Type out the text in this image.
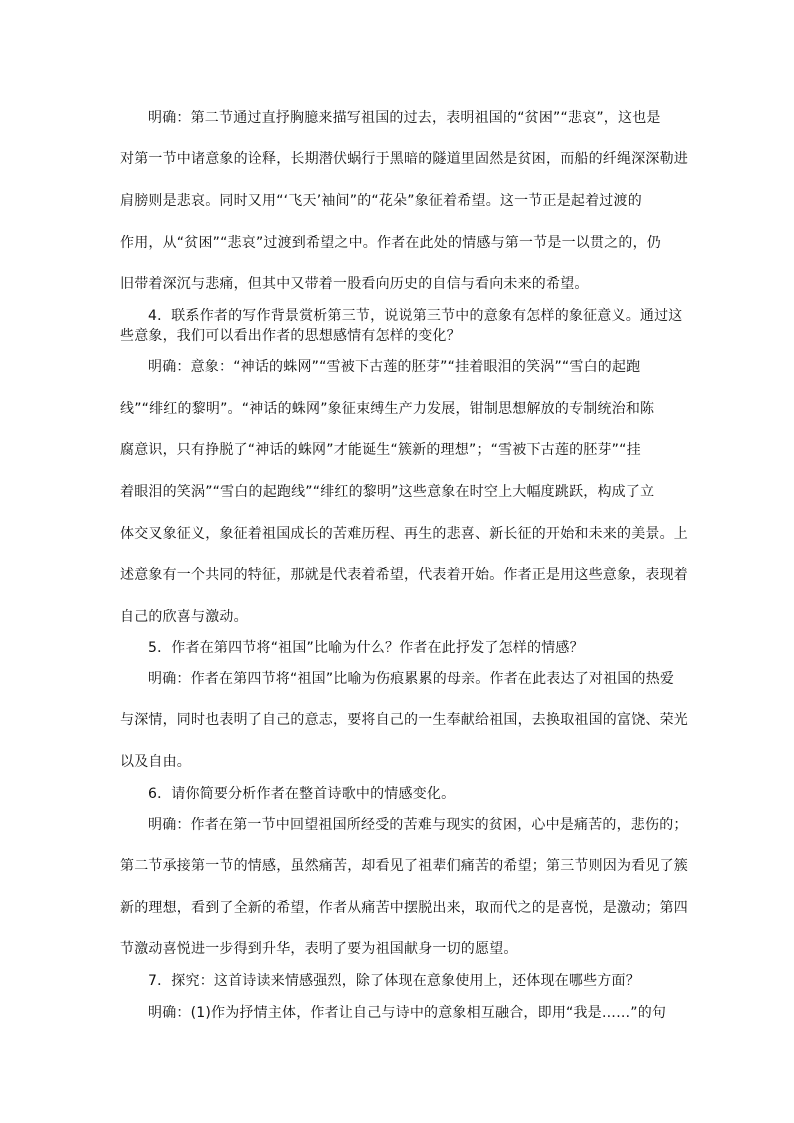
明确：第二节通过直抒胸臆来描写祖国的过去，表明祖国的“贫困”“悲哀”，这也是
对第一节中诸意象的诠释，长期潜伏蜗行于黑暗的隧道里固然是贫困，而船的纤绳深深勒进
肩膀则是悲哀。同时又用“‘飞天’袖间”的“花朵”象征着希望。这一节正是起着过渡的
作用，从“贫困”“悲哀”过渡到希望之中。作者在此处的情感与第一节是一以贯之的，仍
旧带着深沉与悲痛，但其中又带着一股看向历史的自信与看向未来的希望。
4．联系作者的写作背景赏析第三节，说说第三节中的意象有怎样的象征意义。通过这
些意象，我们可以看出作者的思想感情有怎样的变化？
明确：意象：“神话的蛛网”“雪被下古莲的胚芽”“挂着眼泪的笑涡”“雪白的起跑
线”“绯红的黎明”。“神话的蛛网”象征束缚生产力发展，钳制思想解放的专制统治和陈
腐意识，只有挣脱了“神话的蛛网”才能诞生“簇新的理想”；“雪被下古莲的胚芽”“挂
着眼泪的笑涡”“雪白的起跑线”“绯红的黎明”这些意象在时空上大幅度跳跃，构成了立
体交叉象征义，象征着祖国成长的苦难历程、再生的悲喜、新长征的开始和未来的美景。上
述意象有一个共同的特征，那就是代表着希望，代表着开始。作者正是用这些意象，表现着
自己的欣喜与激动。
5．作者在第四节将“祖国”比喻为什么？作者在此抒发了怎样的情感？
明确：作者在第四节将“祖国”比喻为伤痕累累的母亲。作者在此表达了对祖国的热爱
与深情，同时也表明了自己的意志，要将自己的一生奉献给祖国，去换取祖国的富饶、荣光
以及自由。
6．请你简要分析作者在整首诗歌中的情感变化。
明确：作者在第一节中回望祖国所经受的苦难与现实的贫困，心中是痛苦的，悲伤的；
第二节承接第一节的情感，虽然痛苦，却看见了祖辈们痛苦的希望；第三节则因为看见了簇
新的理想，看到了全新的希望，作者从痛苦中摆脱出来，取而代之的是喜悦，是激动；第四
节激动喜悦进一步得到升华，表明了要为祖国献身一切的愿望。
7．探究：这首诗读来情感强烈，除了体现在意象使用上，还体现在哪些方面？
明确：(1)作为抒情主体，作者让自己与诗中的意象相互融合，即用“我是……”的句
